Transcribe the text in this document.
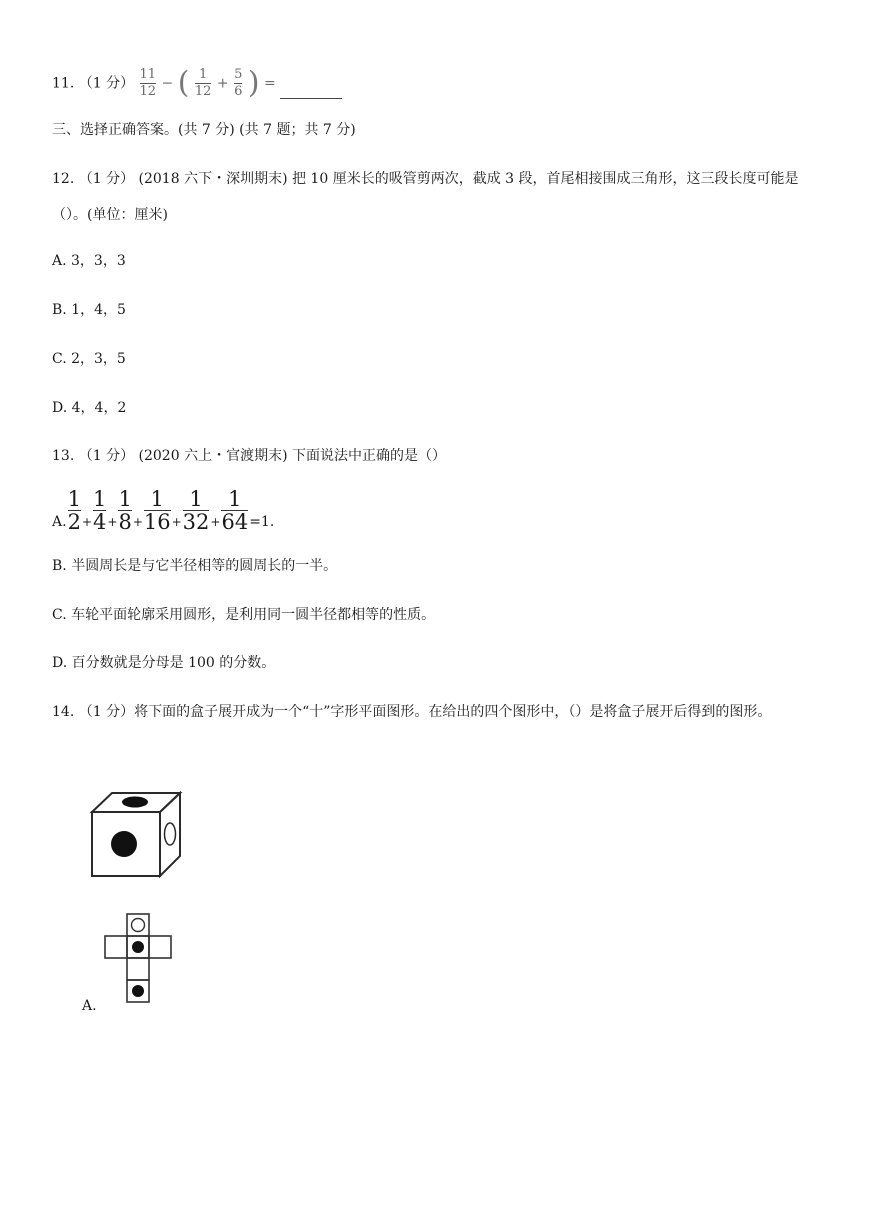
11. （1 分） $\frac{11}{12}$ − ( $\frac{1}{12} + \frac{5}{6}$ ) =
三、选择正确答案。(共 7 分) (共 7 题；共 7 分)
12. （1 分） (2018 六下・深圳期末) 把 10 厘米长的吸管剪两次，截成 3 段，首尾相接围成三角形，这三段长度可能是（）。(单位：厘米)
A. 3，3，3
B. 1，4，5
C. 2，3，5
D. 4，4，2
13. （1 分） (2020 六上・官渡期末) 下面说法中正确的是（）
A. $\frac{1}{2} + \frac{1}{4} + \frac{1}{8} + \frac{1}{16} + \frac{1}{32} + \frac{1}{64} =1$.
B. 半圆周长是与它半径相等的圆周长的一半。
C. 车轮平面轮廓采用圆形，是利用同一圆半径都相等的性质。
D. 百分数就是分母是 100 的分数。
14. （1 分）将下面的盒子展开成为一个“十”字形平面图形。在给出的四个图形中，（）是将盒子展开后得到的图形。
A.
